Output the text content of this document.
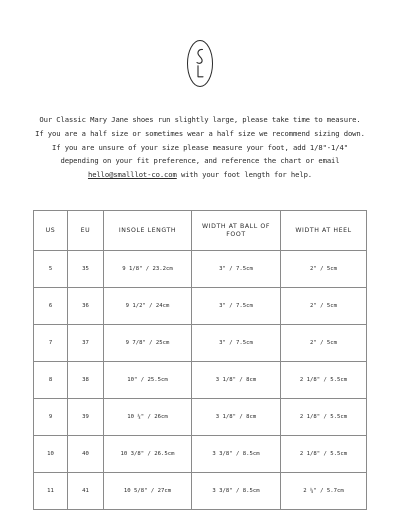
Our Classic Mary Jane shoes run slightly large, please take time to measure.
If you are a half size or sometimes wear a half size we recommend sizing down.
If you are unsure of your size please measure your foot, add 1/8"-1/4"
depending on your fit preference, and reference the chart or email
hello@smalllot-co.com with your foot length for help.
US	EU	INSOLE LENGTH	WIDTH AT BALL OF FOOT	WIDTH AT HEEL
5	35	9 1/8" / 23.2cm	3" / 7.5cm	2" / 5cm
6	36	9 1/2" / 24cm	3" / 7.5cm	2" / 5cm
7	37	9 7/8" / 25cm	3" / 7.5cm	2" / 5cm
8	38	10" / 25.5cm	3 1/8" / 8cm	2 1/8" / 5.5cm
9	39	10 ¼" / 26cm	3 1/8" / 8cm	2 1/8" / 5.5cm
10	40	10 3/8" / 26.5cm	3 3/8" / 8.5cm	2 1/8" / 5.5cm
11	41	10 5/8" / 27cm	3 3/8" / 8.5cm	2 ¼" / 5.7cm
